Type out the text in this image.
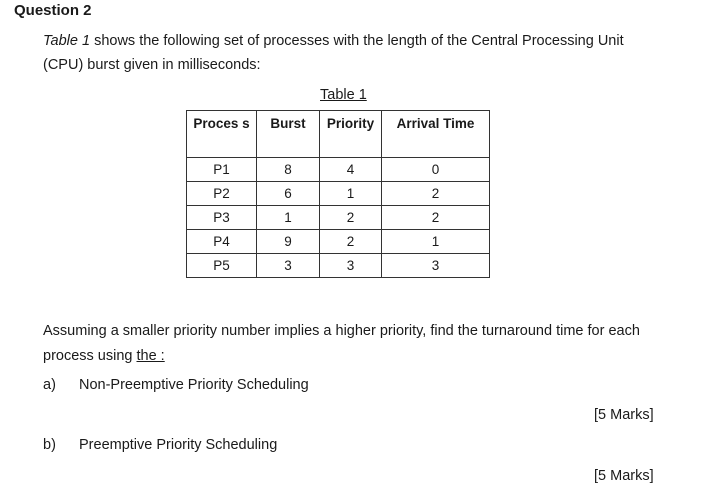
Question 2
Table 1 shows the following set of processes with the length of the Central Processing Unit
(CPU) burst given in milliseconds:
Table 1
Proces s	Burst	Priority	Arrival Time
P1	8	4	0
P2	6	1	2
P3	1	2	2
P4	9	2	1
P5	3	3	3
Assuming a smaller priority number implies a higher priority, find the turnaround time for each
process using the :
a) Non-Preemptive Priority Scheduling
[5 Marks]
b) Preemptive Priority Scheduling
[5 Marks]
